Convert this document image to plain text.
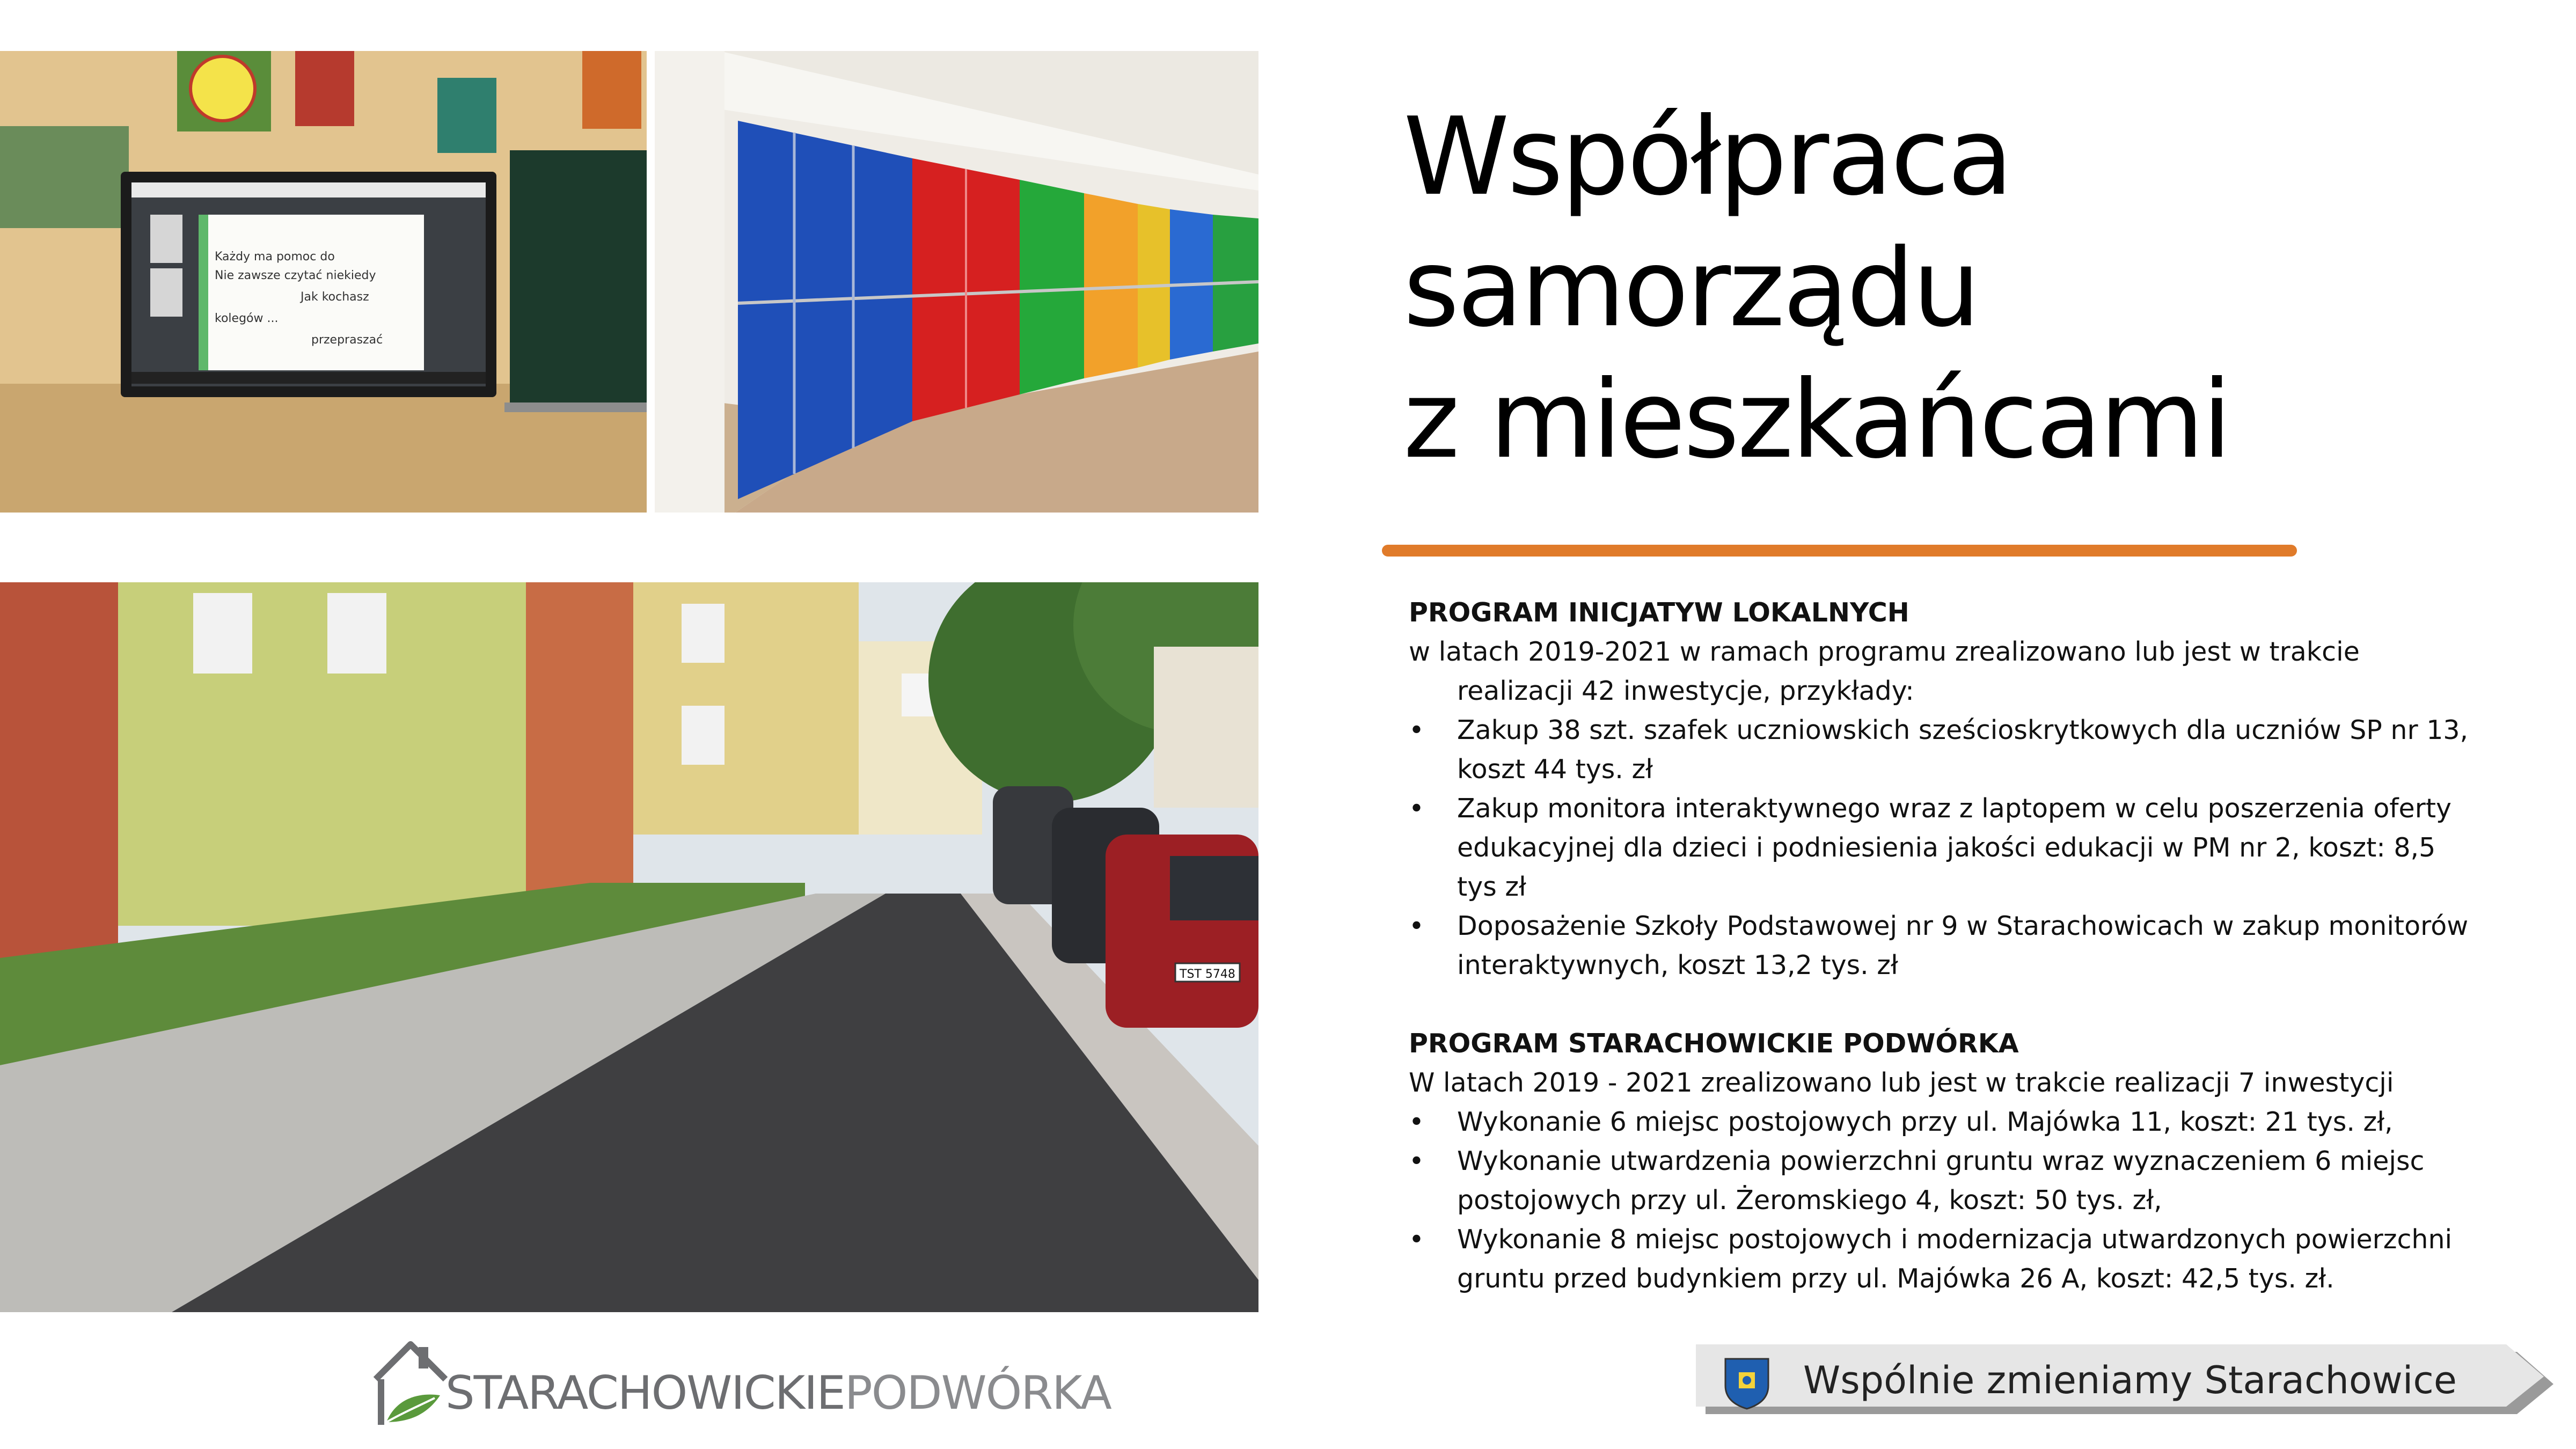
Każdy ma pomoc do
Nie zawsze czytać niekiedy
Jak kochasz
kolegów ...
przepraszać
TST 5748
Współpraca
samorządu
z mieszkańcami
PROGRAM INICJATYW LOKALNYCH
w latach 2019-2021 w ramach programu zrealizowano lub jest w trakcie realizacji 42 inwestycje, przykłady:
• Zakup 38 szt. szafek uczniowskich sześcioskrytkowych dla uczniów SP nr 13, koszt 44 tys. zł
• Zakup monitora interaktywnego wraz z laptopem w celu poszerzenia oferty edukacyjnej dla dzieci i podniesienia jakości edukacji w PM nr 2, koszt: 8,5 tys zł
• Doposażenie Szkoły Podstawowej nr 9 w Starachowicach w zakup monitorów interaktywnych, koszt 13,2 tys. zł
PROGRAM STARACHOWICKIE PODWÓRKA
W latach 2019 - 2021 zrealizowano lub jest w trakcie realizacji 7 inwestycji
• Wykonanie 6 miejsc postojowych przy ul. Majówka 11, koszt: 21 tys. zł,
• Wykonanie utwardzenia powierzchni gruntu wraz wyznaczeniem 6 miejsc postojowych przy ul. Żeromskiego 4, koszt: 50 tys. zł,
• Wykonanie 8 miejsc postojowych i modernizacja utwardzonych powierzchni gruntu przed budynkiem przy ul. Majówka 26 A, koszt: 42,5 tys. zł.
STARACHOWICKIEPODWÓRKA	Wspólnie zmieniamy Starachowice
